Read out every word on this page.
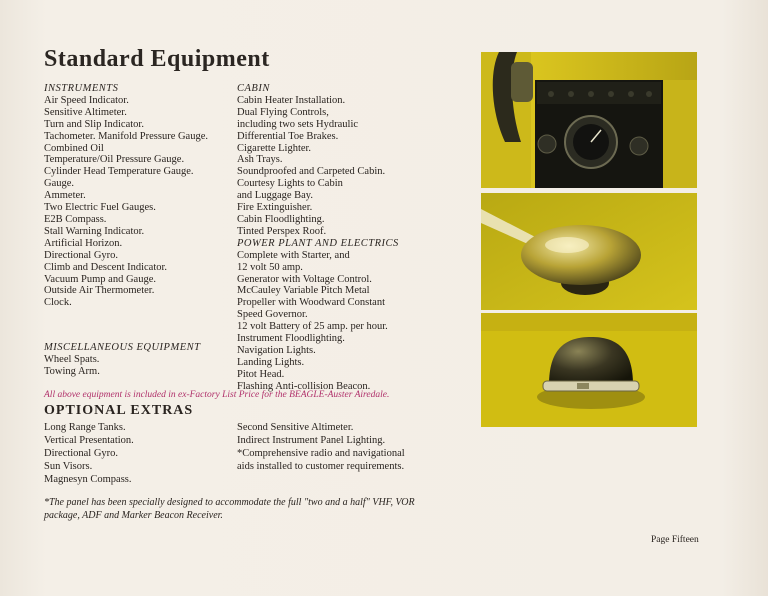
Standard Equipment
INSTRUMENTS
Air Speed Indicator.
Sensitive Altimeter.
Turn and Slip Indicator.
Tachometer. Manifold Pressure Gauge.
Combined Oil
Temperature/Oil Pressure Gauge.
Cylinder Head Temperature Gauge.
Gauge.
Ammeter.
Two Electric Fuel Gauges.
E2B Compass.
Stall Warning Indicator.
Artificial Horizon.
Directional Gyro.
Climb and Descent Indicator.
Vacuum Pump and Gauge.
Outside Air Thermometer.
Clock.
MISCELLANEOUS EQUIPMENT
Wheel Spats.
Towing Arm.
CABIN
Cabin Heater Installation.
Dual Flying Controls,
including two sets Hydraulic
Differential Toe Brakes.
Cigarette Lighter.
Ash Trays.
Soundproofed and Carpeted Cabin.
Courtesy Lights to Cabin
and Luggage Bay.
Fire Extinguisher.
Cabin Floodlighting.
Tinted Perspex Roof.
POWER PLANT AND ELECTRICS
Complete with Starter, and
12 volt 50 amp.
Generator with Voltage Control.
McCauley Variable Pitch Metal
Propeller with Woodward Constant
Speed Governor.
12 volt Battery of 25 amp. per hour.
Instrument Floodlighting.
Navigation Lights.
Landing Lights.
Pitot Head.
Flashing Anti-collision Beacon.
All above equipment is included in ex-Factory List Price for the BEAGLE-Auster Airedale.
OPTIONAL EXTRAS
Long Range Tanks.
Vertical Presentation.
Directional Gyro.
Sun Visors.
Magnesyn Compass.
Second Sensitive Altimeter.
Indirect Instrument Panel Lighting.
*Comprehensive radio and navigational
aids installed to customer requirements.
*The panel has been specially designed to accommodate the full "two and a half" VHF, VOR package, ADF and Marker Beacon Receiver.
Page Fifteen
